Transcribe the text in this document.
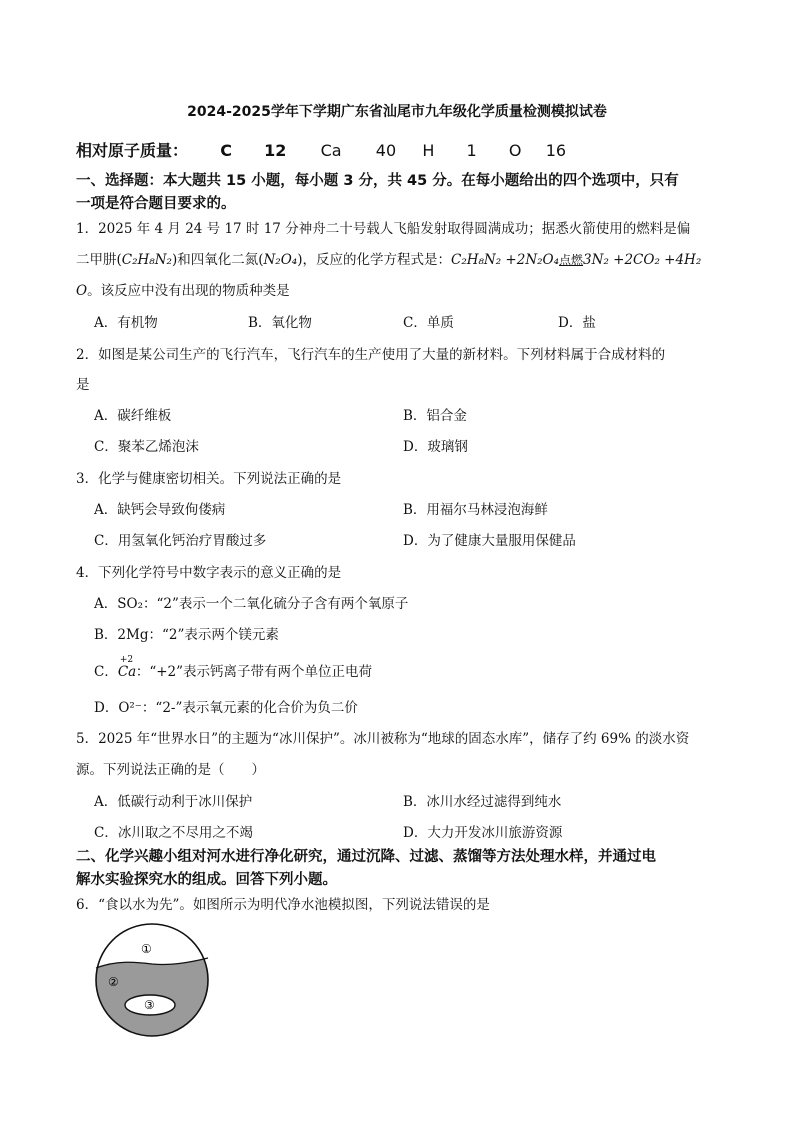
2024-2025学年下学期广东省汕尾市九年级化学质量检测模拟试卷
相对原子质量： C 12 Ca 40 H 1 O 16
一、选择题：本大题共 15 小题，每小题 3 分，共 45 分。在每小题给出的四个选项中，只有
一项是符合题目要求的。
1．2025 年 4 月 24 号 17 时 17 分神舟二十号载人飞船发射取得圆满成功；据悉火箭使用的燃料是偏
二甲肼(C₂H₈N₂)和四氧化二氮(N₂O₄)，反应的化学方程式是：C₂H₈N₂ +2N₂O₄点燃3N₂ +2CO₂ +4H₂
O。该反应中没有出现的物质种类是
A．有机物	B．氧化物	C．单质	D．盐
2．如图是某公司生产的飞行汽车，飞行汽车的生产使用了大量的新材料。下列材料属于合成材料的
是
A．碳纤维板	B．铝合金
C．聚苯乙烯泡沫	D．玻璃钢
3．化学与健康密切相关。下列说法正确的是
A．缺钙会导致佝偻病	B．用福尔马林浸泡海鲜
C．用氢氧化钙治疗胃酸过多	D．为了健康大量服用保健品
4．下列化学符号中数字表示的意义正确的是
A．SO₂：“2”表示一个二氧化硫分子含有两个氧原子
B．2Mg：“2”表示两个镁元素
C．
+2
Ca：“+2”表示钙离子带有两个单位正电荷
D．O²⁻：“2-”表示氧元素的化合价为负二价
5．2025 年“世界水日”的主题为“冰川保护”。冰川被称为“地球的固态水库”，储存了约 69% 的淡水资
源。下列说法正确的是（　　）
A．低碳行动利于冰川保护	B．冰川水经过滤得到纯水
C．冰川取之不尽用之不竭	D．大力开发冰川旅游资源
二、化学兴趣小组对河水进行净化研究，通过沉降、过滤、蒸馏等方法处理水样，并通过电
解水实验探究水的组成。回答下列小题。
6．“食以水为先”。如图所示为明代净水池模拟图，下列说法错误的是
①
②
③
